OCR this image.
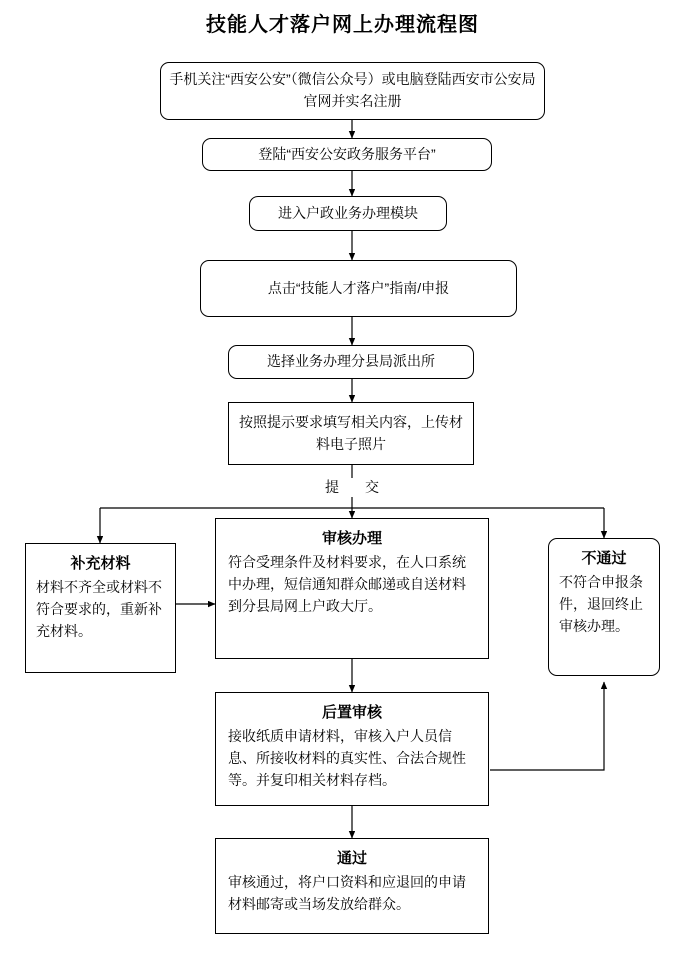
技能人才落户网上办理流程图
手机关注“西安公安”（微信公众号）或电脑登陆西安市公安局官网并实名注册
登陆“西安公安政务服务平台”
进入户政业务办理模块
点击“技能人才落户”指南/申报
选择业务办理分县局派出所
按照提示要求填写相关内容，上传材料电子照片
提　交
补充材料
材料不齐全或材料不符合要求的，重新补充材料。
审核办理
符合受理条件及材料要求，在人口系统中办理，短信通知群众邮递或自送材料到分县局网上户政大厅。
不通过
不符合申报条件，退回终止审核办理。
后置审核
接收纸质申请材料，审核入户人员信息、所接收材料的真实性、合法合规性等。并复印相关材料存档。
通过
审核通过，将户口资料和应退回的申请材料邮寄或当场发放给群众。
